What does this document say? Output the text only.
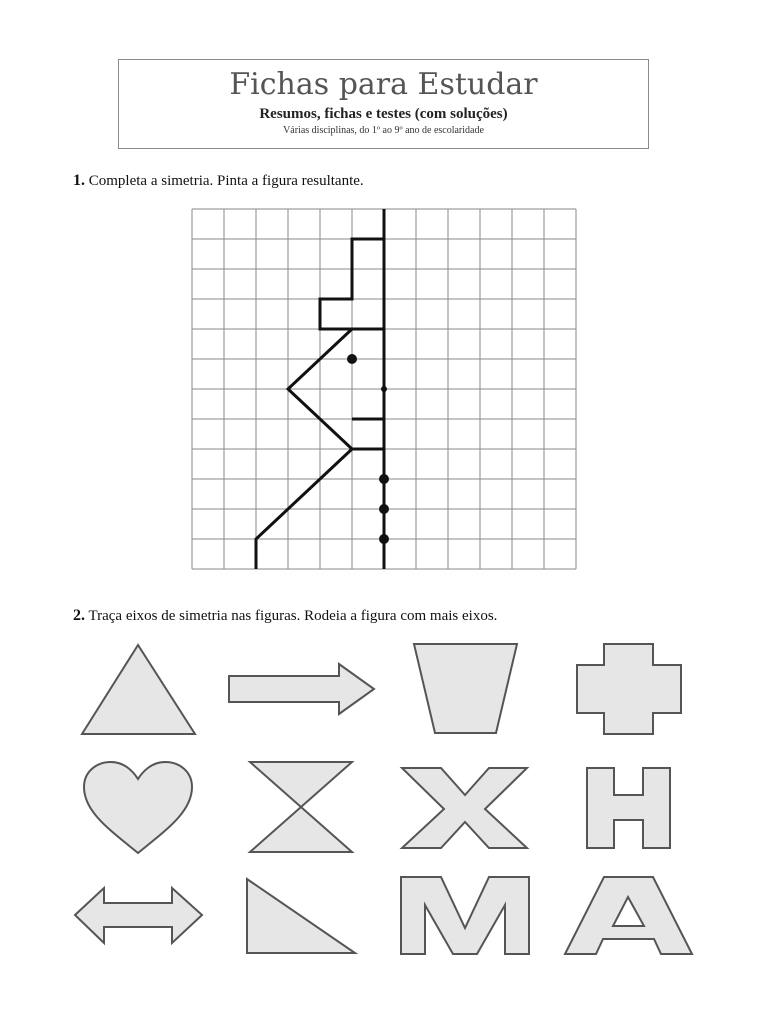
Fichas para Estudar
Resumos, fichas e testes (com soluções)
Várias disciplinas, do 1º ao 9º ano de escolaridade
1. Completa a simetria. Pinta a figura resultante.
2. Traça eixos de simetria nas figuras. Rodeia a figura com mais eixos.
